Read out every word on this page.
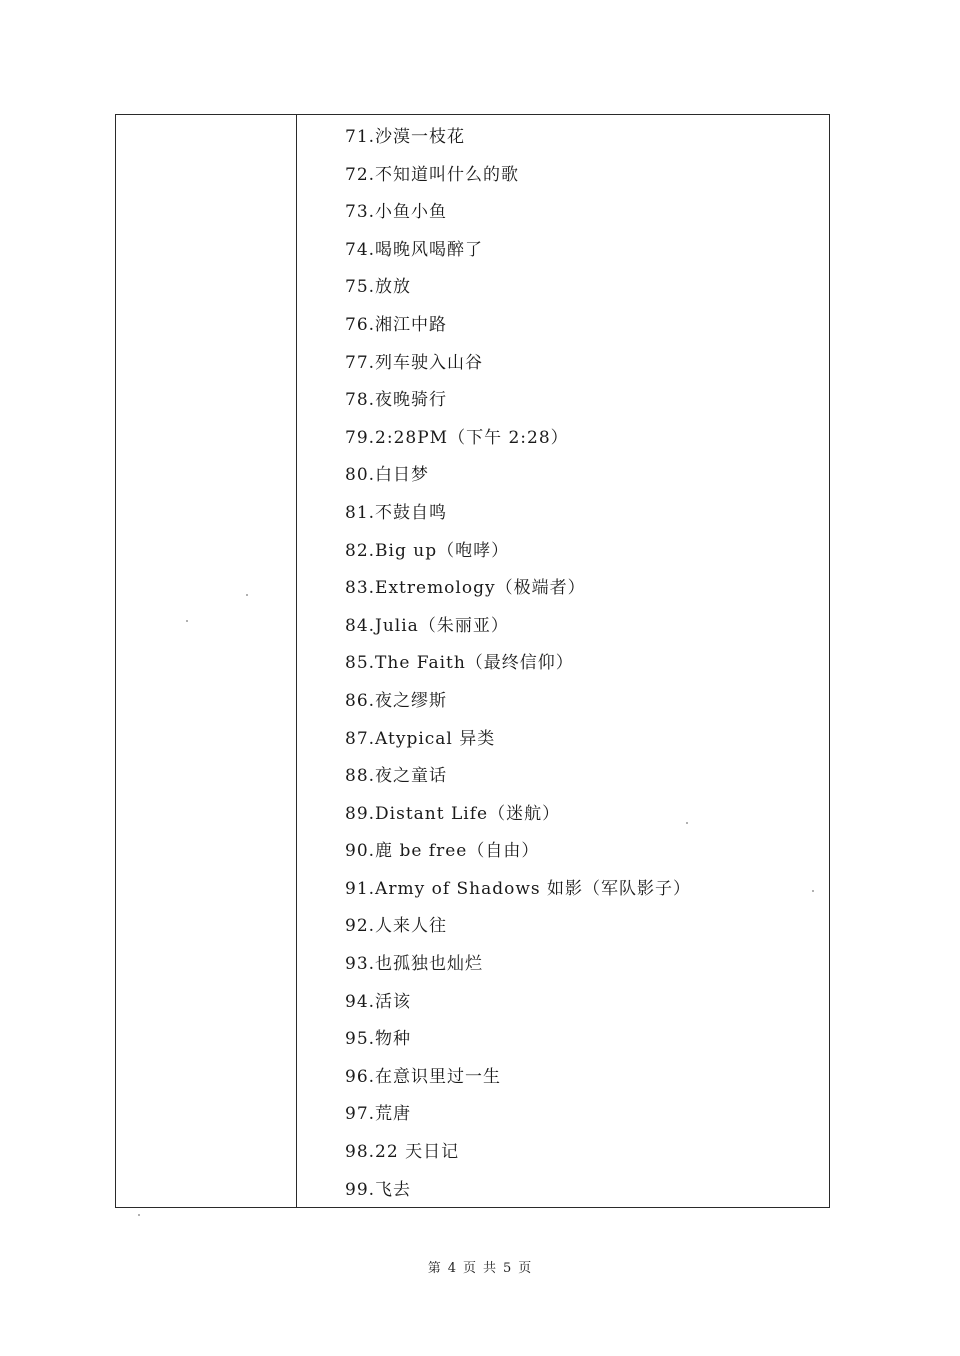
71.沙漠一枝花
72.不知道叫什么的歌
73.小鱼小鱼
74.喝晚风喝醉了
75.放放
76.湘江中路
77.列车驶入山谷
78.夜晚骑行
79.2:28PM（下午 2:28）
80.白日梦
81.不鼓自鸣
82.Big up（咆哮）
83.Extremology（极端者）
84.Julia（朱丽亚）
85.The Faith（最终信仰）
86.夜之缪斯
87.Atypical 异类
88.夜之童话
89.Distant Life（迷航）
90.鹿 be free（自由）
91.Army of Shadows 如影（军队影子）
92.人来人往
93.也孤独也灿烂
94.活该
95.物种
96.在意识里过一生
97.荒唐
98.22 天日记
99.飞去
第 4 页 共 5 页
